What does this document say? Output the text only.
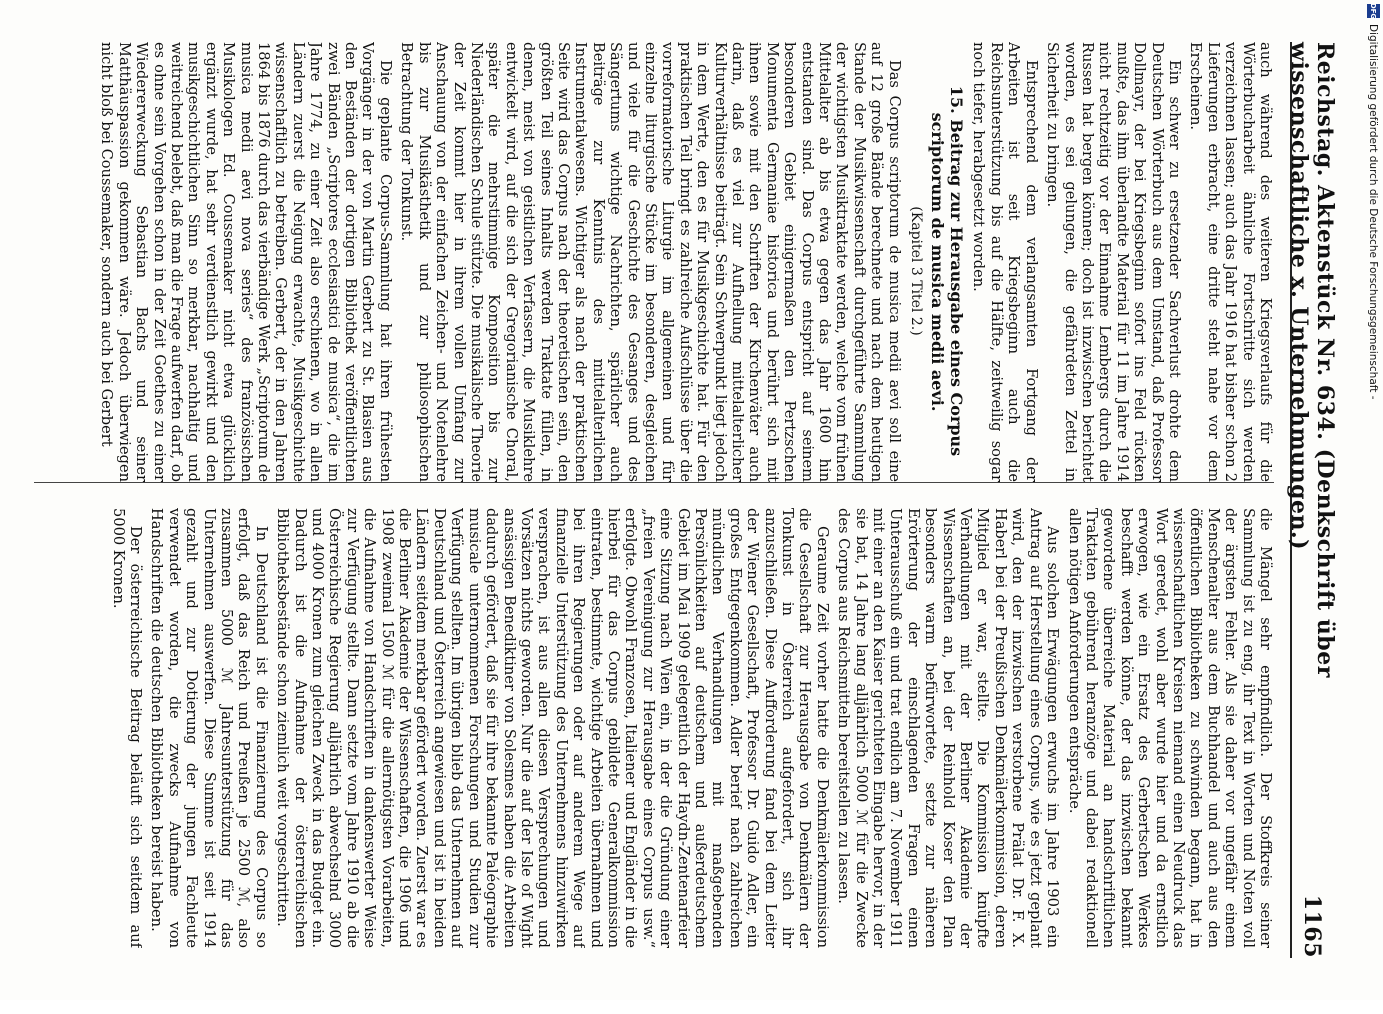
Reichstag. Aktenstück Nr. 634. (Denkschrift über wissenschaftliche x. Unternehmungen.)
1165

auch während des weiteren Kriegsverlaufs für die Wörterbucharbeit ähnliche Fortschritte sich werden verzeichnen lassen; auch das Jahr 1916 hat bisher schon 2 Lieferungen erbracht, eine dritte steht nahe vor dem Erscheinen.

Ein schwer zu ersetzender Sachverlust drohte dem Deutschen Wörterbuch aus dem Umstand, daß Professor Dollmayr, der bei Kriegsbeginn sofort ins Feld rücken mußte, das ihm überlandte Material für 11 im Jahre 1914 nicht rechtzeitig vor der Einnahme Lembergs durch die Russen hat bergen können; doch ist inzwischen berichtet worden, es sei gelungen, die gefährdeten Zettel in Sicherheit zu bringen.

Entsprechend dem verlangsamten Fortgang der Arbeiten ist seit Kriegsbeginn auch die Reichsunterstützung bis auf die Hälfte, zeitweilig sogar noch tiefer, herabgesetzt worden.

15. Beitrag zur Herausgabe eines Corpus scriptorum de musica medii aevi.

(Kapitel 3 Titel 2.)

Das Corpus scriptorum de musica medii aevi soll eine auf 12 große Bände berechnete und nach dem heutigen Stande der Musikwissenschaft durchgeführte Sammlung der wichtigsten Musiktraktate werden, welche vom frühen Mittelalter ab bis etwa gegen das Jahr 1600 hin entstanden sind. Das Corpus entspricht auf seinem besonderen Gebiet einigermaßen den Pertzschen Monumenta Germaniae historica und berührt sich mit ihnen sowie mit den Schriften der Kirchenväter auch darin, daß es viel zur Aufhellung mittelalterlicher Kulturverhältnisse beiträgt. Sein Schwerpunkt liegt jedoch in dem Werte, den es für Musikgeschichte hat. Für den praktischen Teil bringt es zahlreiche Aufschlüsse über die vorreformatorische Liturgie im allgemeinen und für einzelne liturgische Stücke im besonderen, desgleichen und viele für die Geschichte des Gesanges und des Sängertums wichtige Nachrichten, spärlicher auch Beiträge zur Kenntnis des mittelalterlichen Instrumentalwesens. Wichtiger als nach der praktischen Seite wird das Corpus nach der theoretischen sein, den größten Teil seines Inhalts werden Traktate füllen, in denen, meist von geistlichen Verfassern, die Musiklehre entwickelt wird, auf die sich der Gregorianische Choral, später die mehrstimmige Komposition bis zur Niederländischen Schule stützte. Die musikalische Theorie der Zeit kommt hier in ihrem vollen Umfang zur Anschauung von der einfachen Zeichen- und Notenlehre bis zur Musikästhetik und zur philosophischen Betrachtung der Tonkunst.

Die geplante Corpus-Sammlung hat ihren frühesten Vorgänger in der von Martin Gerbert zu St. Blasien aus den Beständen der dortigen Bibliothek veröffentlichten zwei Bänden „Scriptores ecclesiastici de musica“, die im Jahre 1774, zu einer Zeit also erschienen, wo in allen Ländern zuerst die Neigung erwachte, Musikgeschichte wissenschaftlich zu betreiben. Gerbert, der in den Jahren 1864 bis 1876 durch das vierbändige Werk „Scriptorum de musica medii aevi nova series“ des französischen Musikologen Ed. Coussemaker nicht etwa glücklich ergänzt wurde, hat sehr verdienstlich gewirkt und den musikgeschichtlichen Sinn so merkbar, nachhaltig und weitreichend belebt, daß man die Frage aufwerfen darf, ob es ohne sein Vorgehen schon in der Zeit Goethes zu einer Wiedererweckung Sebastian Bachs und seiner Matthäuspassion gekommen wäre. Jedoch überwiegen nicht bloß bei Coussemaker, sondern auch bei Gerbert

die Mängel sehr empfindlich. Der Stoffkreis seiner Sammlung ist zu eng, ihr Text in Worten und Noten voll der ärgsten Fehler. Als sie daher vor ungefähr einem Menschenalter aus dem Buchhandel und auch aus den öffentlichen Bibliotheken zu schwinden begann, hat in wissenschaftlichen Kreisen niemand einen Neudruck das Wort geredet, wohl aber wurde hier und da ernstlich erwogen, wie ein Ersatz des Gerbertschen Werkes beschafft werden könne, der das inzwischen bekannt gewordene überreiche Material an handschriftlichen Traktaten gebührend heranzöge und dabei redaktionell allen nötigen Anforderungen entspräche.

Aus solchen Erwägungen erwuchs im Jahre 1903 ein Antrag auf Herstellung eines Corpus, wie es jetzt geplant wird, den der inzwischen verstorbene Prälat Dr. F. X. Haberl bei der Preußischen Denkmälerkommission, deren Mitglied er war, stellte. Die Kommission knüpfte Verhandlungen mit der Berliner Akademie der Wissenschaften an, bei der Reinhold Koser den Plan besonders warm befürwortete, setzte zur näheren Erörterung der einschlagenden Fragen einen Unterausschuß ein und trat endlich am 7. November 1911 mit einer an den Kaiser gerichteten Eingabe hervor, in der sie bat, 14 Jahre lang alljährlich 5000 ℳ für die Zwecke des Corpus aus Reichsmitteln bereitstellen zu lassen.

Geraume Zeit vorher hatte die Denkmälerkommission die Gesellschaft zur Herausgabe von Denkmälern der Tonkunst in Österreich aufgefordert, sich ihr anzuschließen. Diese Aufforderung fand bei dem Leiter der Wiener Gesellschaft, Professor Dr. Guido Adler, ein großes Entgegenkommen. Adler berief nach zahlreichen mündlichen Verhandlungen mit maßgebenden Persönlichkeiten auf deutschem und außerdeutschem Gebiet im Mai 1909 gelegentlich der Haydn-Zentenarfeier eine Sitzung nach Wien ein, in der die Gründung einer „freien Vereinigung zur Herausgabe eines Corpus usw.“ erfolgte. Obwohl Franzosen, Italiener und Engländer in die hierbei für das Corpus gebildete Generalkommission eintraten, bestimmte, wichtige Arbeiten übernahmen und bei ihren Regierungen oder auf anderem Wege auf finanzielle Unterstützung des Unternehmens hinzuwirken versprachen, ist aus allen diesen Versprechungen und Vorsätzen nichts geworden. Nur die auf der Isle of Wight ansässigen Benediktiner von Solesmes haben die Arbeiten dadurch gefördert, daß sie für ihre bekannte Paléographie musicale unternommenen Forschungen und Studien zur Verfügung stellten. Im übrigen blieb das Unternehmen auf Deutschland und Österreich angewiesen und ist in beiden Ländern seitdem merkbar gefördert worden. Zuerst war es die Berliner Akademie der Wissenschaften, die 1906 und 1908 zweimal 1500 ℳ für die allernötigsten Vorarbeiten, die Aufnahme von Handschriften in dankenswerter Weise zur Verfügung stellte. Dann setzte vom Jahre 1910 ab die Österreichische Regierung alljährlich abwechselnd 3000 und 4000 Kronen zum gleichen Zweck in das Budget ein. Dadurch ist die Aufnahme der österreichischen Bibliotheksbestände schon ziemlich weit vorgeschritten.

In Deutschland ist die Finanzierung des Corpus so erfolgt, daß das Reich und Preußen je 2500 ℳ, also zusammen 5000 ℳ Jahresunterstützung für das Unternehmen auswerfen. Diese Summe ist seit 1914 gezahlt und zur Dotierung der jungen Fachleute verwendet worden, die zwecks Aufnahme von Handschriften die deutschen Bibliotheken bereist haben.

Der österreichische Beitrag beläuft sich seitdem auf 5000 Kronen.

DFG
Digitalisierung gefördert durch die Deutsche Forschungsgemeinschaft -
